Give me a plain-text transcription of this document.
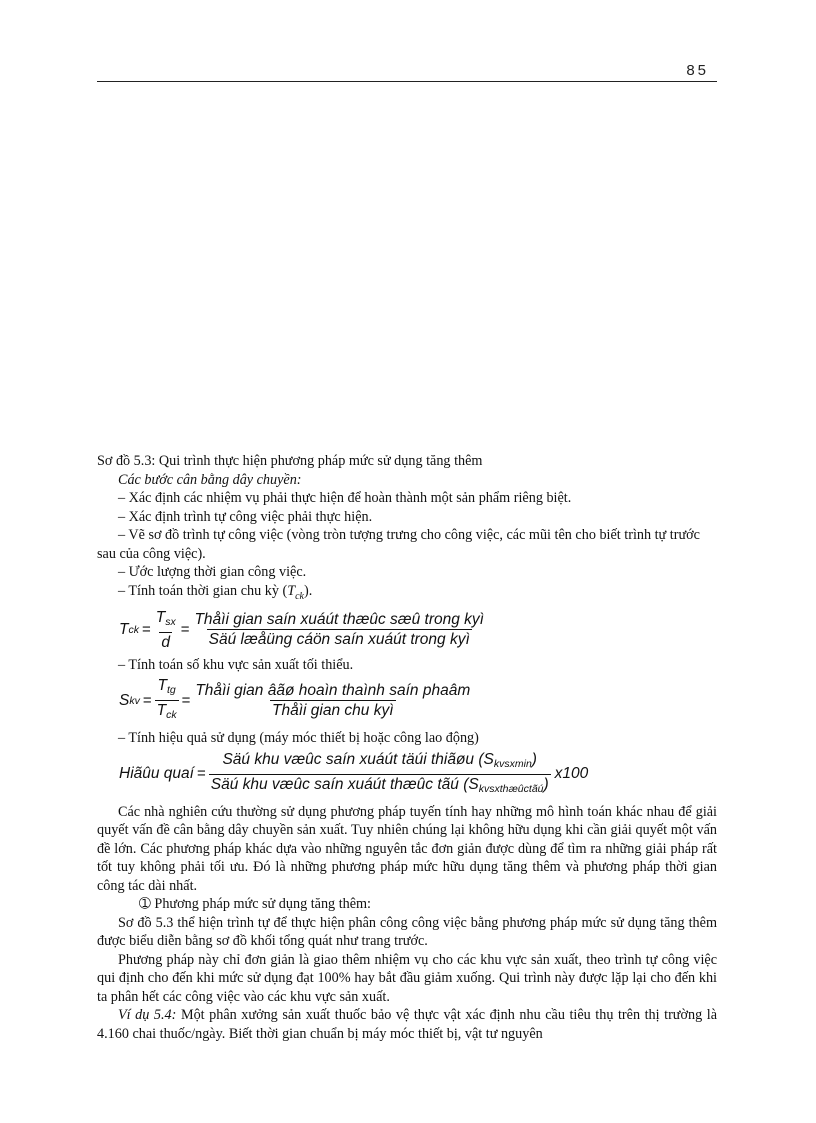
85

Sơ đồ 5.3: Qui trình thực hiện phương pháp mức sử dụng tăng thêm

Các bước cân bằng dây chuyền:

– Xác định các nhiệm vụ phải thực hiện để hoàn thành một sản phẩm riêng biệt.

– Xác định trình tự công việc phải thực hiện.

– Vẽ sơ đồ trình tự công việc (vòng tròn tượng trưng cho công việc, các mũi tên cho biết trình tự trước sau của công việc).

– Ước lượng thời gian công việc.

– Tính toán thời gian chu kỳ $(T_{ck})$.

T ck = $\frac{T_{sx}}{d} = \frac{\text{Thåìi gian saín xuáút thæûc sæû trong kyì}}{\text{Säú læåüng cáön saín xuáút trong kyì}}$

– Tính toán số khu vực sản xuất tối thiểu.

S kv = $\frac{T_{tg}}{T_{ck}} = \frac{\text{Thåìi gian âãø hoaìn thaình saín phaâm}}{\text{Thåìi gian chu kyì}}$

– Tính hiệu quả sử dụng (máy móc thiết bị hoặc công lao động)

Hiãûu quaí = $\frac{Säú khu væûc saín xuáút täúi thiãøu (S_{kvsxmin})}{Säú khu væûc saín xuáút thæûc tãú (S_{kvsxthæûctãú})} x100$

Các nhà nghiên cứu thường sử dụng phương pháp tuyến tính hay những mô hình toán khác nhau để giải quyết vấn đề cân bằng dây chuyền sản xuất. Tuy nhiên chúng lại không hữu dụng khi cần giải quyết một vấn đề lớn. Các phương pháp khác dựa vào những nguyên tắc đơn giản được dùng để tìm ra những giải pháp rất tốt tuy không phải tối ưu. Đó là những phương pháp mức hữu dụng tăng thêm và phương pháp thời gian công tác dài nhất.

➀ Phương pháp mức sử dụng tăng thêm:

Sơ đồ 5.3 thể hiện trình tự để thực hiện phân công công việc bằng phương pháp mức sử dụng tăng thêm được biểu diễn bằng sơ đồ khối tổng quát như trang trước.

Phương pháp này chỉ đơn giản là giao thêm nhiệm vụ cho các khu vực sản xuất, theo trình tự công việc qui định cho đến khi mức sử dụng đạt 100% hay bắt đầu giảm xuống. Qui trình này được lặp lại cho đến khi ta phân hết các công việc vào các khu vực sản xuất.

Ví dụ 5.4: Một phân xưởng sản xuất thuốc bảo vệ thực vật xác định nhu cầu tiêu thụ trên thị trường là 4.160 chai thuốc/ngày. Biết thời gian chuẩn bị máy móc thiết bị, vật tư nguyên
